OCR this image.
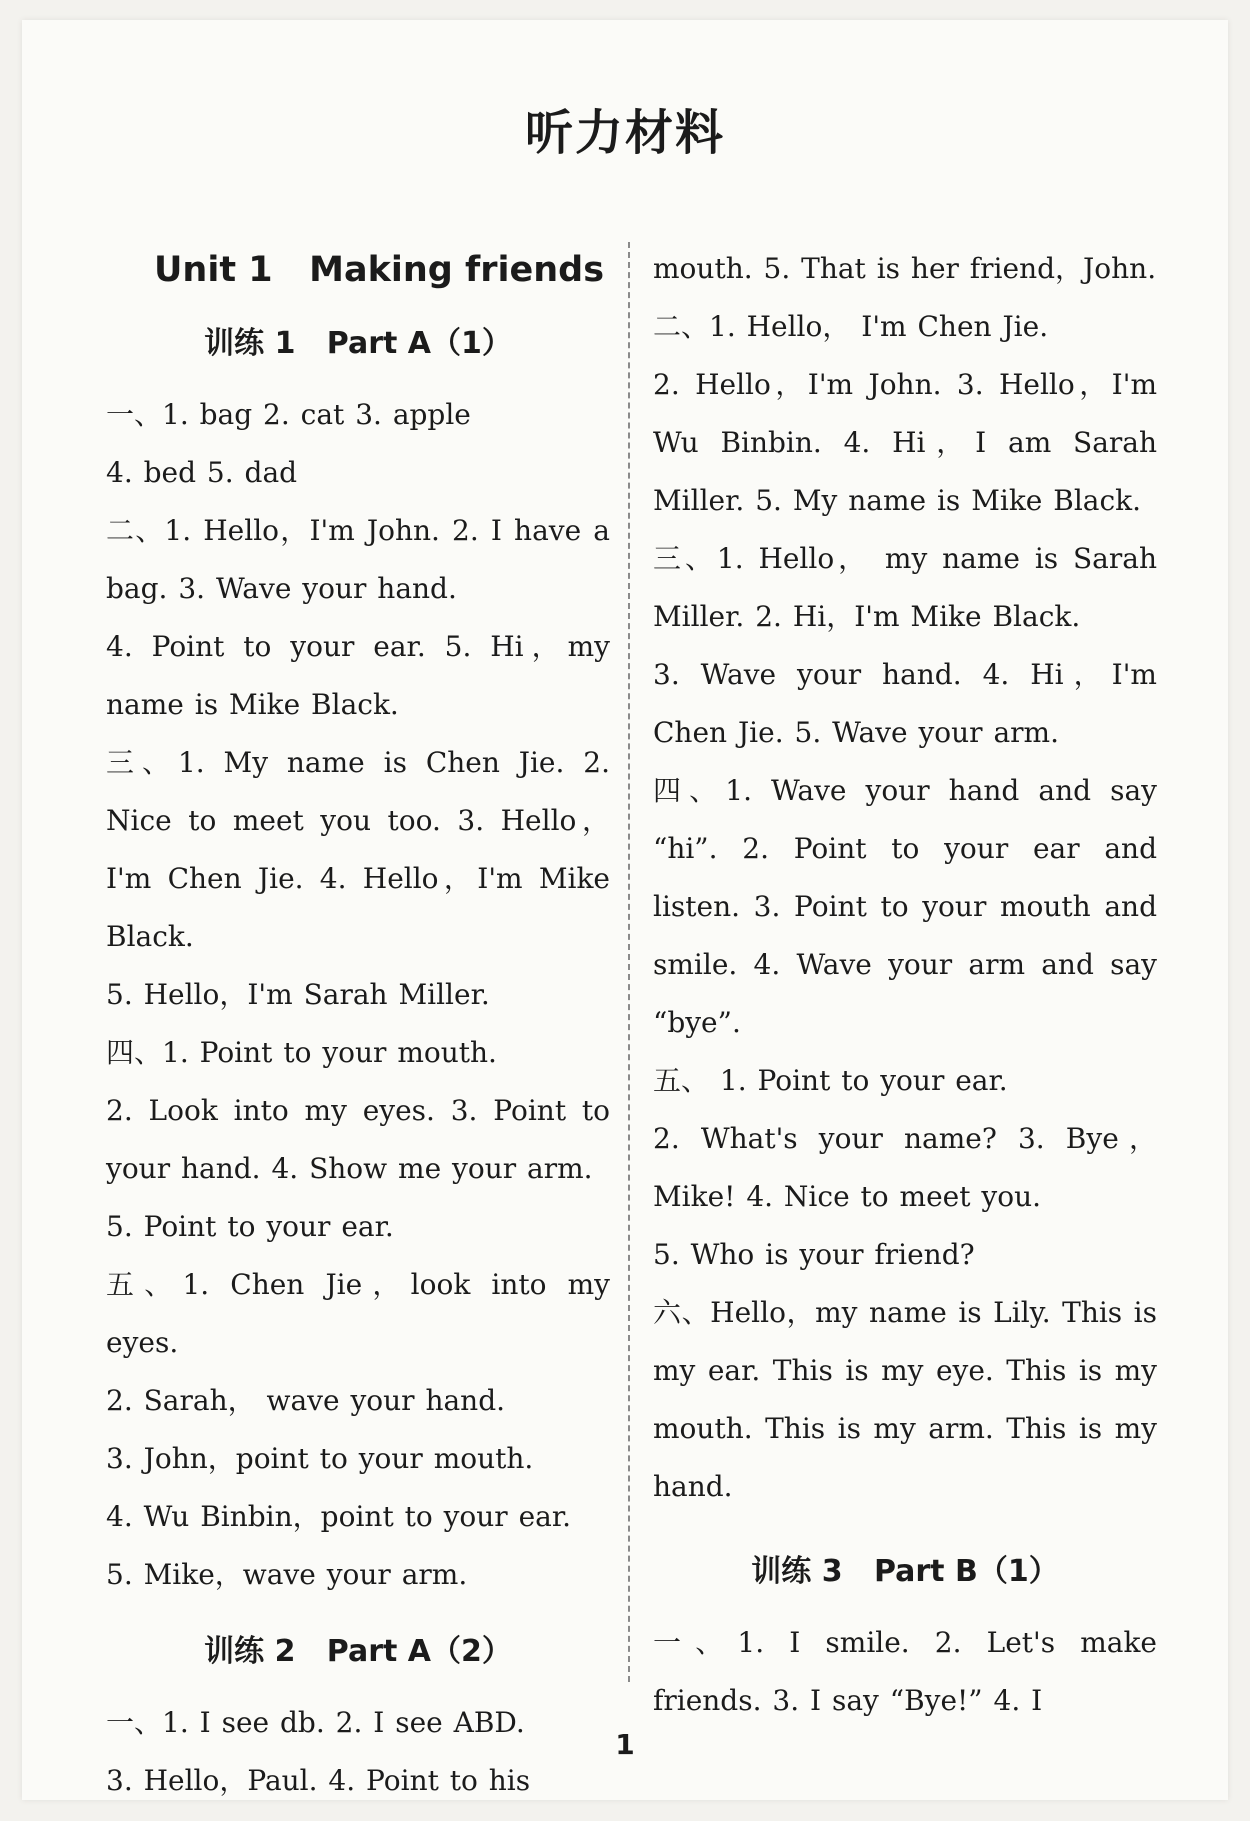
听力材料
Unit 1   Making friends
训练 1   Part A（1）

一、1. bag 2. cat 3. apple

4. bed 5. dad

二、1. Hello，I'm John. 2. I have a bag. 3. Wave your hand.

4. Point to your ear. 5. Hi，my name is Mike Black.

三、1. My name is Chen Jie. 2. Nice to meet you too. 3. Hello，I'm Chen Jie. 4. Hello，I'm Mike Black.

5. Hello，I'm Sarah Miller.

四、1. Point to your mouth.

2. Look into my eyes. 3. Point to your hand. 4. Show me your arm.

5. Point to your ear.

五、1. Chen Jie，look into my eyes.

2. Sarah， wave your hand.

3. John，point to your mouth.

4. Wu Binbin，point to your ear.

5. Mike，wave your arm.

训练 2   Part A（2）

一、1. I see db. 2. I see ABD.

3. Hello，Paul. 4. Point to his

mouth. 5. That is her friend，John.

二、1. Hello， I'm Chen Jie.

2. Hello，I'm John. 3. Hello，I'm Wu Binbin. 4. Hi，I am Sarah Miller. 5. My name is Mike Black.

三、1. Hello， my name is Sarah Miller. 2. Hi，I'm Mike Black.

3. Wave your hand. 4. Hi，I'm Chen Jie. 5. Wave your arm.

四、1. Wave your hand and say “hi”. 2. Point to your ear and listen. 3. Point to your mouth and smile. 4. Wave your arm and say “bye”.

五、 1. Point to your ear.

2. What's your name? 3. Bye， Mike! 4. Nice to meet you.

5. Who is your friend?

六、Hello，my name is Lily. This is my ear. This is my eye. This is my mouth. This is my arm. This is my hand.

训练 3   Part B（1）

一、1. I smile. 2. Let's make friends. 3. I say “Bye!” 4. I

1
